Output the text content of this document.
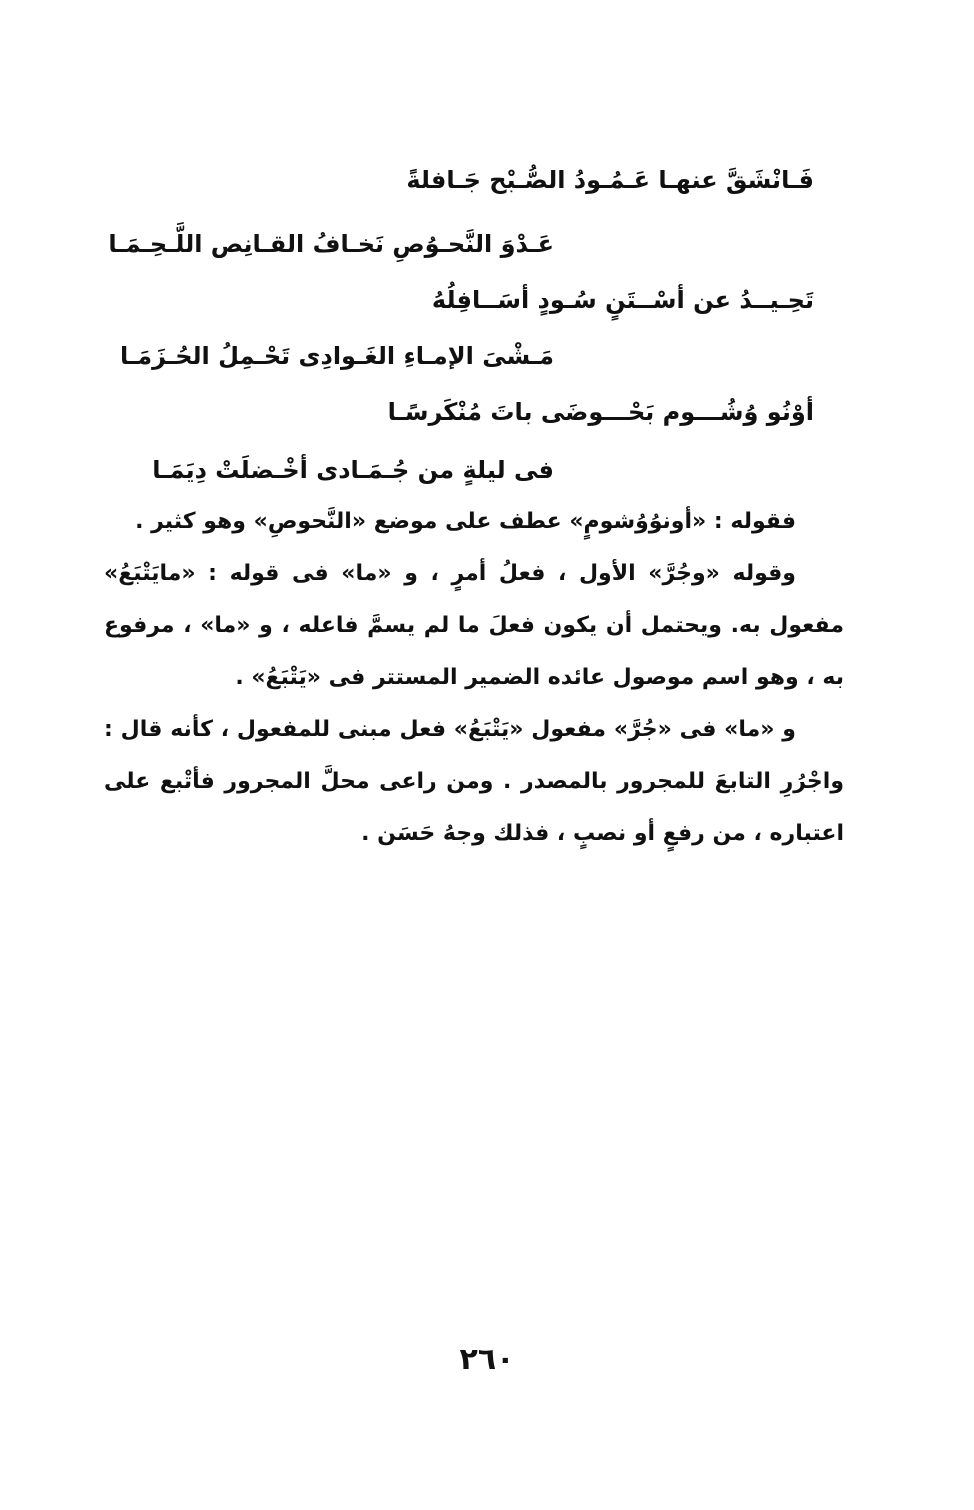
فَـانْشَقَّ عنهـا عَـمُـودُ الصُّـبْح جَـافلةً
عَـدْوَ النَّحـوُصِ نَخـافُ القـانِص اللَّـحِـمَـا
تَحِـيــدُ عن أسْــتَنٍ سُـودٍ أسَــافِلُهُ
مَـشْىَ الإمـاءِ الغَـوادِى تَحْـمِلُ الحُـزَمَـا
أوْنُو وُشُـــوم بَحْـــوضَى باتَ مُنْكَرسًـا
فى ليلةٍ من جُـمَـادى أخْـضلَتْ دِيَمَـا

فقوله : «أونوُوُشومٍ» عطف على موضع «النَّحوصِ» وهو كثير .

وقوله «وجُرَّ» الأول ، فعلُ أمرٍ ، و «ما» فى قوله : «مايَتْبَعُ» مفعول به. ويحتمل أن يكون فعلَ ما لم يسمَّ فاعله ، و «ما» ، مرفوع به ، وهو اسم موصول عائده الضمير المستتر فى «يَتْبَعُ» .

و «ما» فى «جُرَّ» مفعول «يَتْبَعُ» فعل مبنى للمفعول ، كأنه قال : واجْرُرِ التابعَ للمجرور بالمصدر . ومن راعى محلَّ المجرور فأتْبع على اعتباره ، من رفعٍ أو نصبٍ ، فذلك وجهُ حَسَن .

٢٦٠
